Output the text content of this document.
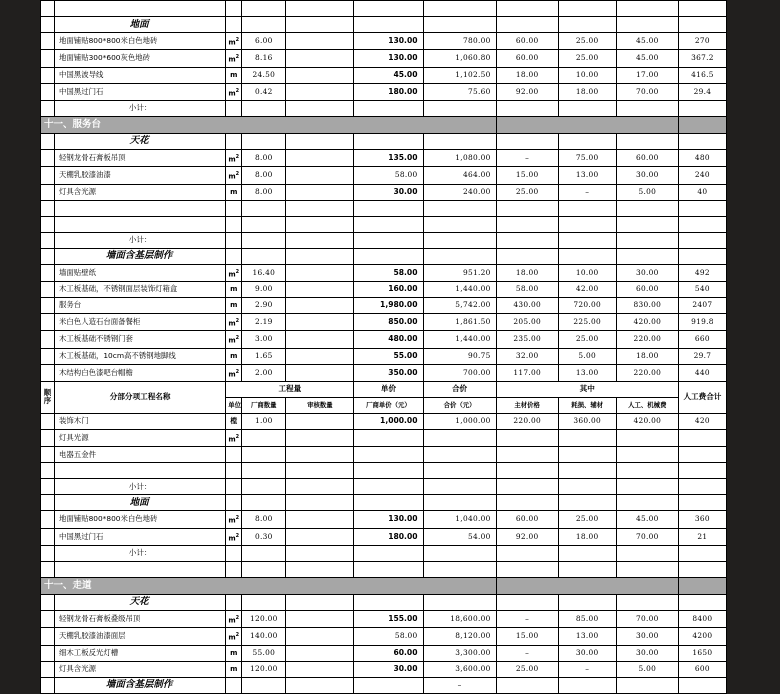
	地面									
	地面铺贴800*800米白色地砖	$m^2$	6.00		130.00	780.00	60.00	25.00	45.00	270
	地面铺贴300*600灰色地砖	$m^2$	8.16		130.00	1,060.80	60.00	25.00	45.00	367.2
	中国黑波导线	m	24.50		45.00	1,102.50	18.00	10.00	17.00	416.5
	中国黑过门石	$m^2$	0.42		180.00	75.60	92.00	18.00	70.00	29.4
	小计：									
十一、服务台										
	天花									
	轻钢龙骨石膏板吊顶	$m^2$	8.00		135.00	1,080.00	–	75.00	60.00	480
	天棚乳胶漆油漆	$m^2$	8.00		58.00	464.00	15.00	13.00	30.00	240
	灯具含光源	m	8.00		30.00	240.00	25.00	–	5.00	40

	小计：									
	墙面含基层制作									
	墙面贴壁纸	$m^2$	16.40		58.00	951.20	18.00	10.00	30.00	492
	木工板基础，不锈钢面层装饰灯箱盒	m	9.00		160.00	1,440.00	58.00	42.00	60.00	540
	服务台	m	2.90		1,980.00	5,742.00	430.00	720.00	830.00	2407
	米白色人造石台面备餐柜	$m^2$	2.19		850.00	1,861.50	205.00	225.00	420.00	919.8
	木工板基础不锈钢门套	$m^2$	3.00		480.00	1,440.00	235.00	25.00	220.00	660
	木工板基础，10cm高不锈钢地脚线	m	1.65		55.00	90.75	32.00	5.00	18.00	29.7
	木结构白色漆吧台帽檐	$m^2$	2.00		350.00	700.00	117.00	13.00	220.00	440
顺
序	分部分项工程名称	工程量			单价	合价	其中			人工费合计
		单位	厂商数量	审核数量	厂商单价（元）	合价（元）	主材价格	耗损、辅材	人工、机械费	
	装饰木门	樘	1.00		1,000.00	1,000.00	220.00	360.00	420.00	420
	灯具光源	$m^2$								
	电器五金件									

	小计：									
	地面									
	地面铺贴800*800米白色地砖	$m^2$	8.00		130.00	1,040.00	60.00	25.00	45.00	360
	中国黑过门石	$m^2$	0.30		180.00	54.00	92.00	18.00	70.00	21
	小计：									

十一、走道										
	天花									
	轻钢龙骨石膏板叠级吊顶	$m^2$	120.00		155.00	18,600.00	–	85.00	70.00	8400
	天棚乳胶漆油漆面层	$m^2$	140.00		58.00	8,120.00	15.00	13.00	30.00	4200
	细木工板反光灯槽	m	55.00		60.00	3,300.00	–	30.00	30.00	1650
	灯具含光源	m	120.00		30.00	3,600.00	25.00	–	5.00	600
	墙面含基层制作					–				
